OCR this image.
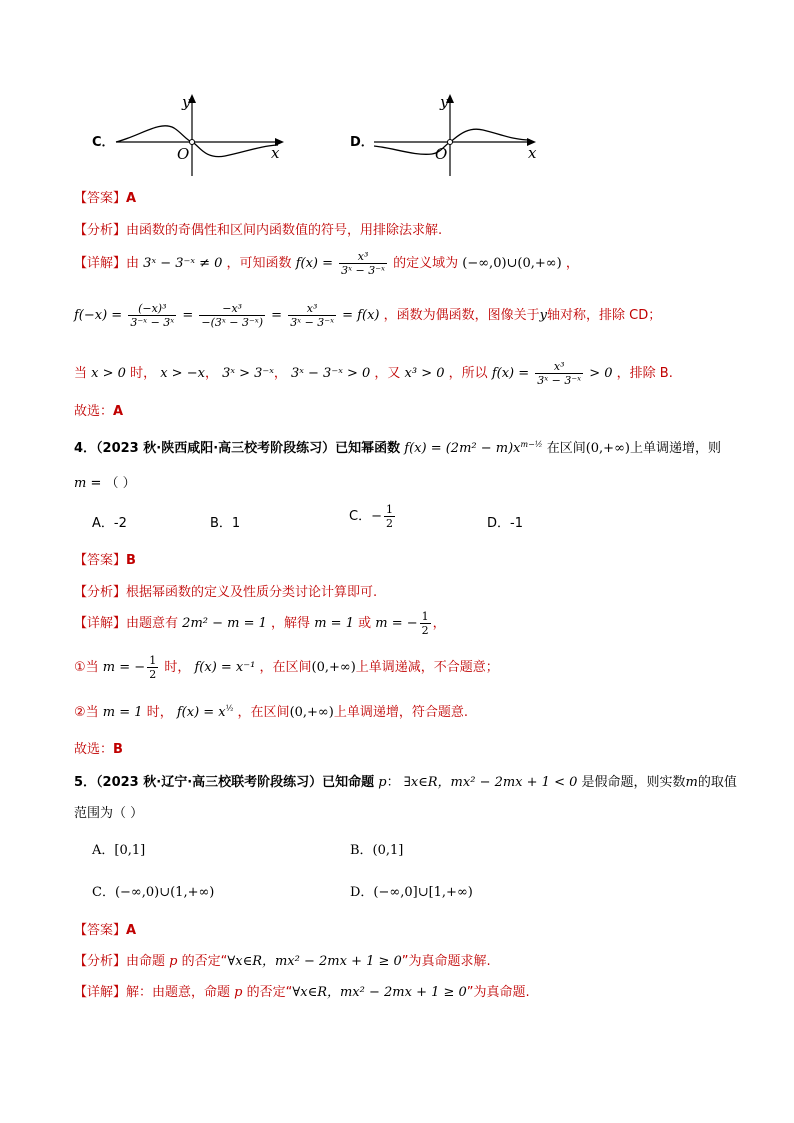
C．
y
x
O
D．
y
x
O
【答案】A
【分析】由函数的奇偶性和区间内函数值的符号，用排除法求解.
【详解】由 3ˣ − 3⁻ˣ ≠ 0 ，可知函数 $f(x) = \frac{\text{x³}}{\text{3ˣ − 3⁻ˣ}}$ 的定义域为 (−∞,0)∪(0,+∞) ，
$f(-x) = \frac{\text{(−x)³}}{\text{3⁻ˣ − 3ˣ}} = \frac{\text{−x³}}{\text{−(3ˣ − 3⁻ˣ)}} = \frac{\text{x³}}{\text{3ˣ − 3⁻ˣ}} = f(x)$ ，函数为偶函数，图像关于y轴对称，排除 CD；
当 x > 0 时， x > −x， 3ˣ > 3⁻ˣ， 3ˣ − 3⁻ˣ > 0 ，又 x³ > 0 ，所以 $f(x) = \frac{\text{x³}}{\text{3ˣ − 3⁻ˣ}} > 0$ ，排除 B.
故选：A
4．（2023 秋·陕西咸阳·高三校考阶段练习）已知幂函数 $f(x) = (2m^2 - m)x^{m-\frac{1}{2}}$ 在区间(0,+∞)上单调递增，则
m = （ ）
A．-2	B．1	C．− $\frac{1}{2}$	D．-1
【答案】B
【分析】根据幂函数的定义及性质分类讨论计算即可.
【详解】由题意有 2m² − m = 1 ，解得 m = 1 或 m = − $\frac{1}{2}$ ，
①当 m = − $\frac{1}{2}$ 时， f(x) = x⁻¹ ，在区间(0,+∞)上单调递减，不合题意；
②当 m = 1 时， $f(x) = x^{\frac{1}{2}}$ ，在区间(0,+∞)上单调递增，符合题意.
故选：B
5．（2023 秋·辽宁·高三校联考阶段练习）已知命题 p： ∃x∈R，mx² − 2mx + 1 < 0 是假命题，则实数m的取值
范围为（ ）
A．[0,1]	B．(0,1]
C．(−∞,0)∪(1,+∞)	D．(−∞,0]∪[1,+∞)
【答案】A
【分析】由命题 p 的否定“∀x∈R，mx² − 2mx + 1 ≥ 0”为真命题求解.
【详解】解：由题意，命题 p 的否定“∀x∈R，mx² − 2mx + 1 ≥ 0”为真命题.
